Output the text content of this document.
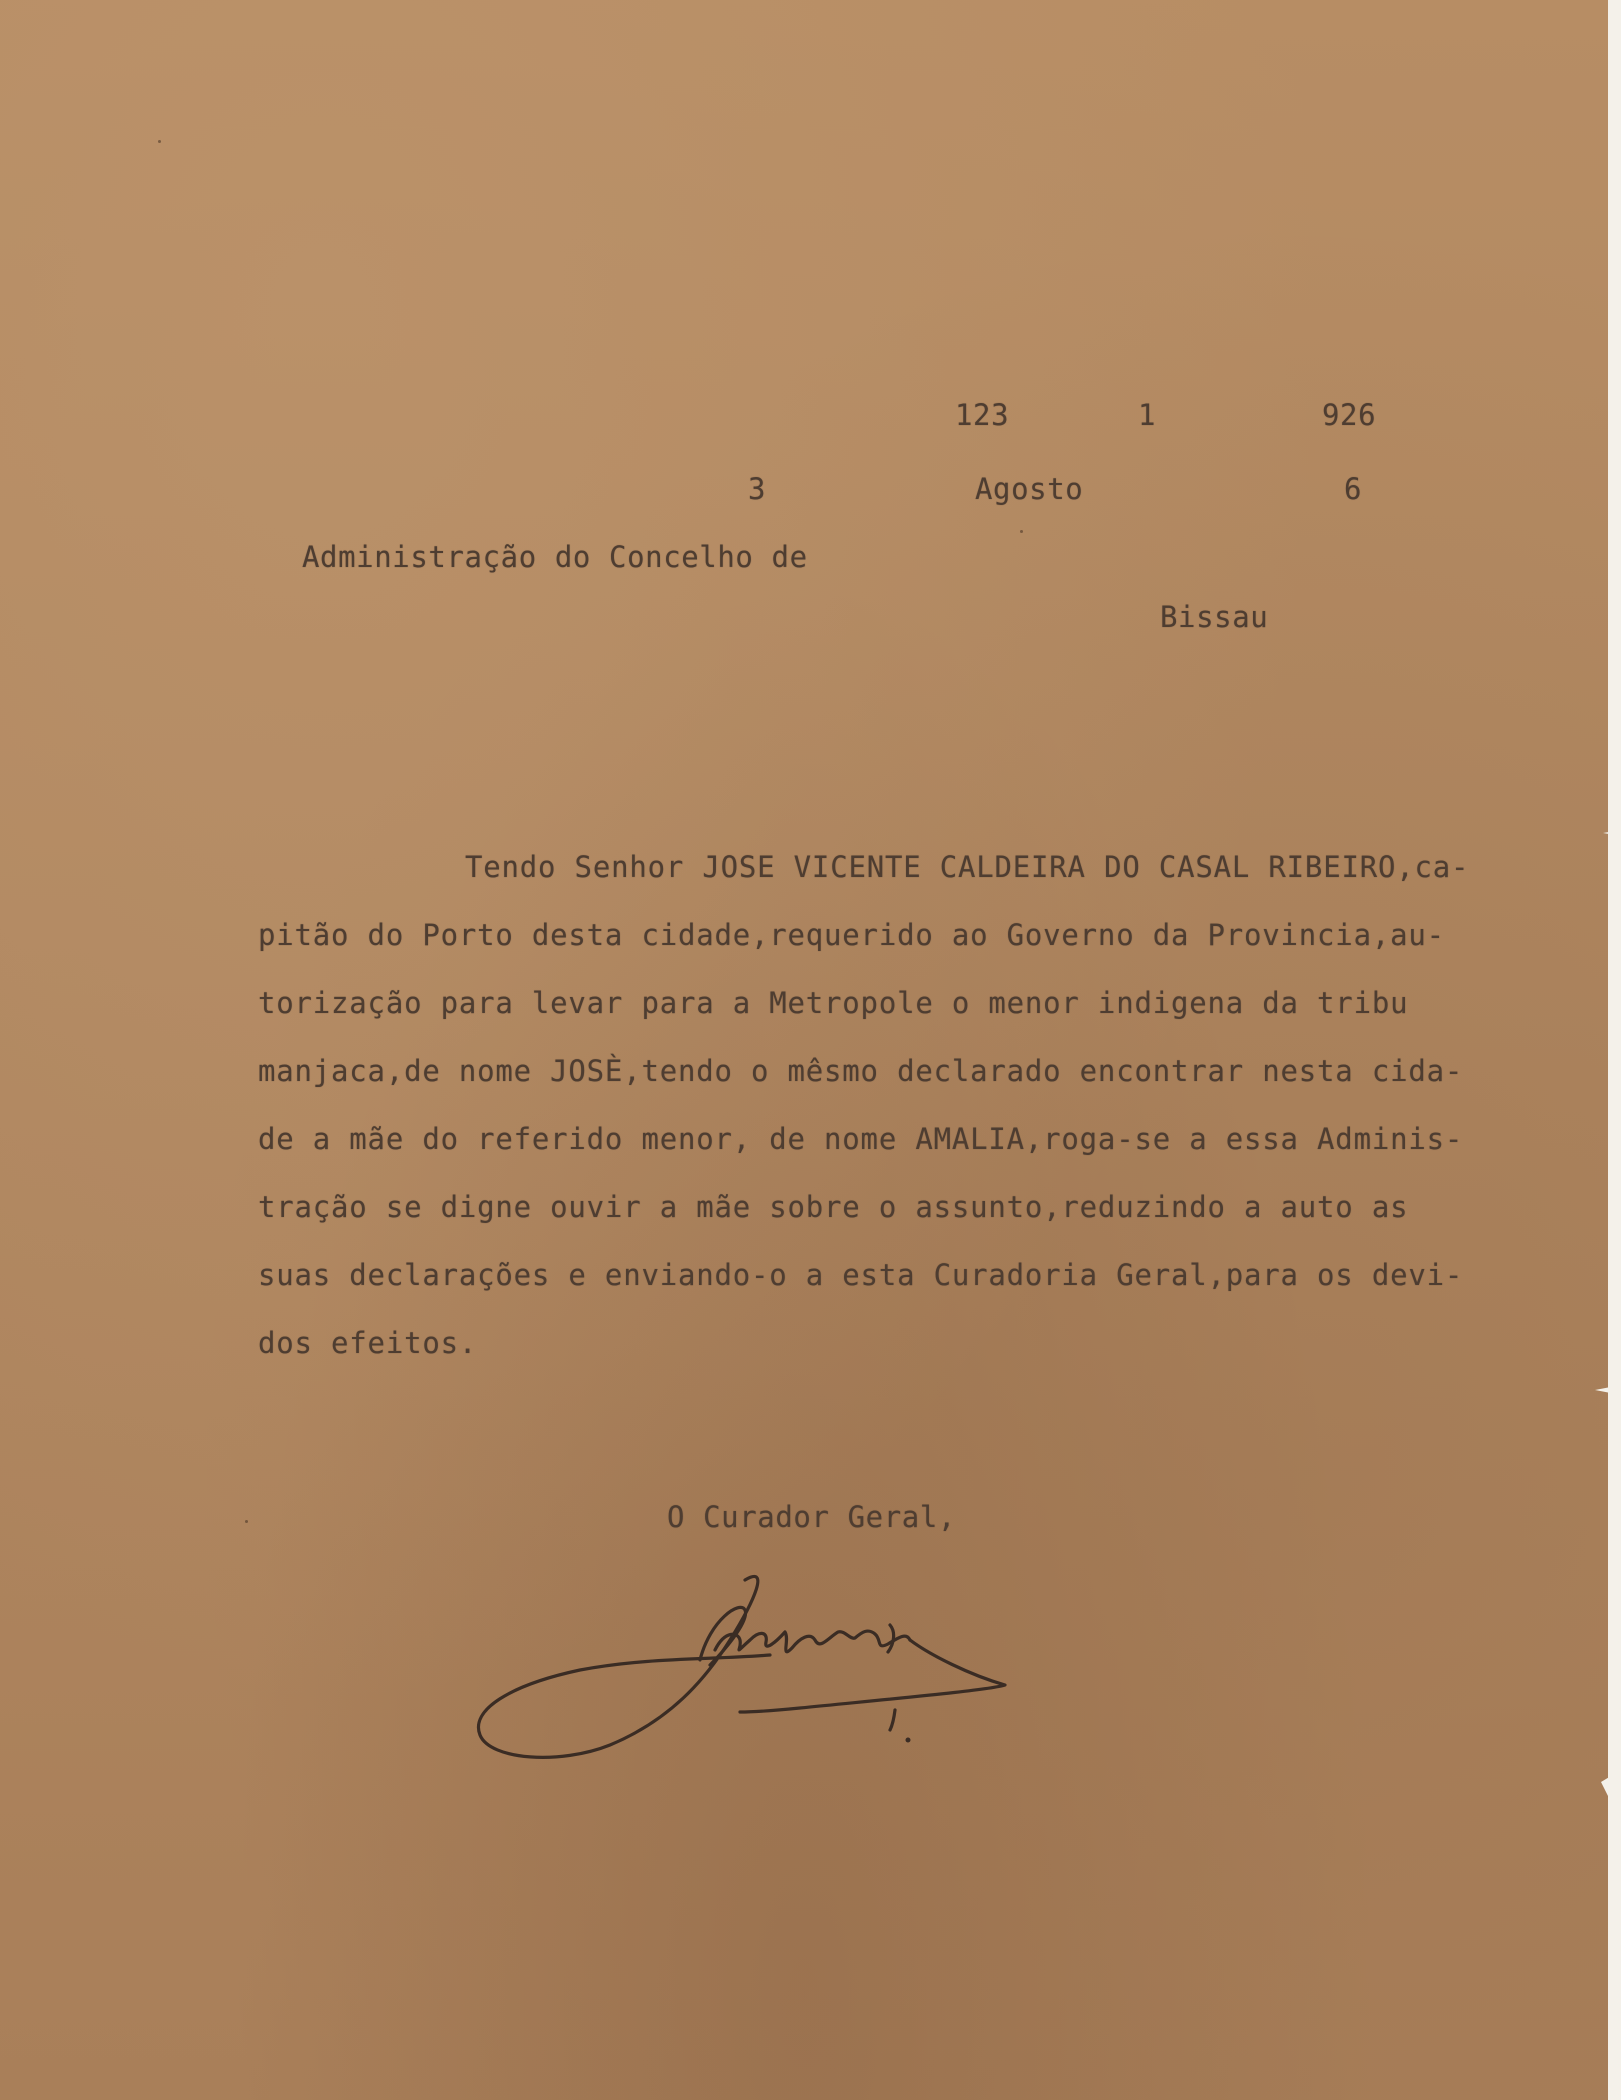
123	1	926
3	Agosto	6
Administração do Concelho de
Bissau
Tendo Senhor JOSE VICENTE CALDEIRA DO CASAL RIBEIRO,ca-
pitão do Porto desta cidade,requerido ao Governo da Provincia,au-
torização para levar para a Metropole o menor indigena da tribu
manjaca,de nome JOSÈ,tendo o mêsmo declarado encontrar nesta cida-
de a mãe do referido menor, de nome AMALIA,roga-se a essa Adminis-
tração se digne ouvir a mãe sobre o assunto,reduzindo a auto as
suas declarações e enviando-o a esta Curadoria Geral,para os devi-
dos efeitos.
O Curador Geral,
